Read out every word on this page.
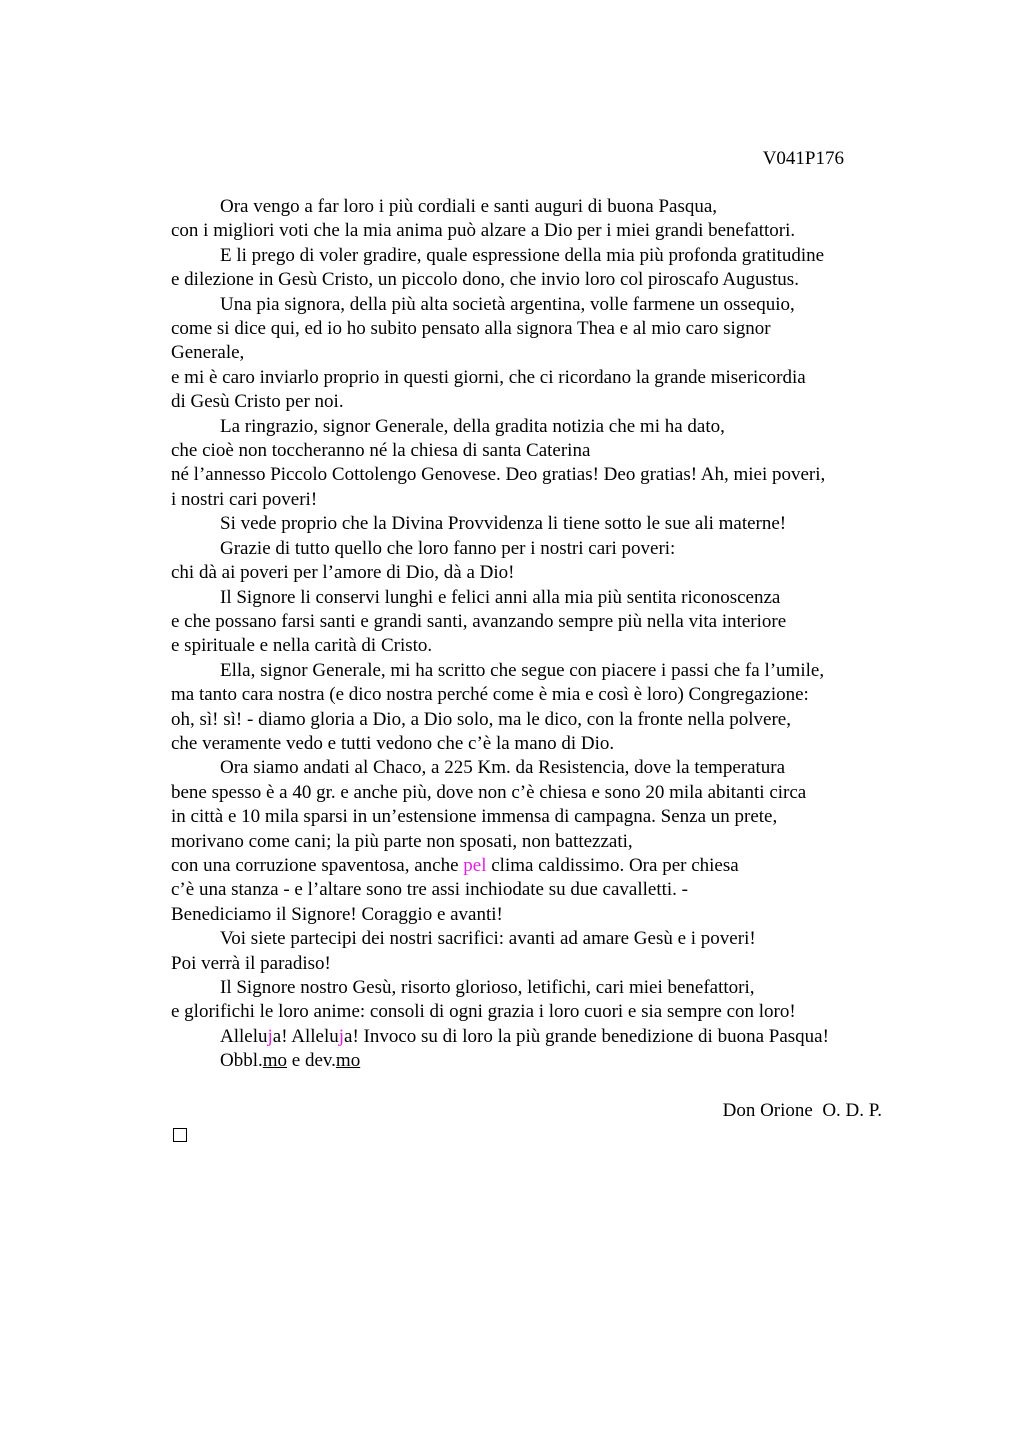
V041P176
Ora vengo a far loro i più cordiali e santi auguri di buona Pasqua,
con i migliori voti che la mia anima può alzare a Dio per i miei grandi benefattori.
E li prego di voler gradire, quale espressione della mia più profonda gratitudine
e dilezione in Gesù Cristo, un piccolo dono, che invio loro col piroscafo Augustus.
Una pia signora, della più alta società argentina, volle farmene un ossequio,
come si dice qui, ed io ho subito pensato alla signora Thea e al mio caro signor
Generale,
e mi è caro inviarlo proprio in questi giorni, che ci ricordano la grande misericordia
di Gesù Cristo per noi.
La ringrazio, signor Generale, della gradita notizia che mi ha dato,
che cioè non toccheranno né la chiesa di santa Caterina
né l’annesso Piccolo Cottolengo Genovese. Deo gratias! Deo gratias! Ah, miei poveri,
i nostri cari poveri!
Si vede proprio che la Divina Provvidenza li tiene sotto le sue ali materne!
Grazie di tutto quello che loro fanno per i nostri cari poveri:
chi dà ai poveri per l’amore di Dio, dà a Dio!
Il Signore li conservi lunghi e felici anni alla mia più sentita riconoscenza
e che possano farsi santi e grandi santi, avanzando sempre più nella vita interiore
e spirituale e nella carità di Cristo.
Ella, signor Generale, mi ha scritto che segue con piacere i passi che fa l’umile,
ma tanto cara nostra (e dico nostra perché come è mia e così è loro) Congregazione:
oh, sì! sì! - diamo gloria a Dio, a Dio solo, ma le dico, con la fronte nella polvere,
che veramente vedo e tutti vedono che c’è la mano di Dio.
Ora siamo andati al Chaco, a 225 Km. da Resistencia, dove la temperatura
bene spesso è a 40 gr. e anche più, dove non c’è chiesa e sono 20 mila abitanti circa
in città e 10 mila sparsi in un’estensione immensa di campagna. Senza un prete,
morivano come cani; la più parte non sposati, non battezzati,
con una corruzione spaventosa, anche pel clima caldissimo. Ora per chiesa
c’è una stanza - e l’altare sono tre assi inchiodate su due cavalletti. -
Benediciamo il Signore! Coraggio e avanti!
Voi siete partecipi dei nostri sacrifici: avanti ad amare Gesù e i poveri!
Poi verrà il paradiso!
Il Signore nostro Gesù, risorto glorioso, letifichi, cari miei benefattori,
e glorifichi le loro anime: consoli di ogni grazia i loro cuori e sia sempre con loro!
Alleluja! Alleluja! Invoco su di loro la più grande benedizione di buona Pasqua!
Obbl.mo e dev.mo
Don Orione  O. D. P.
